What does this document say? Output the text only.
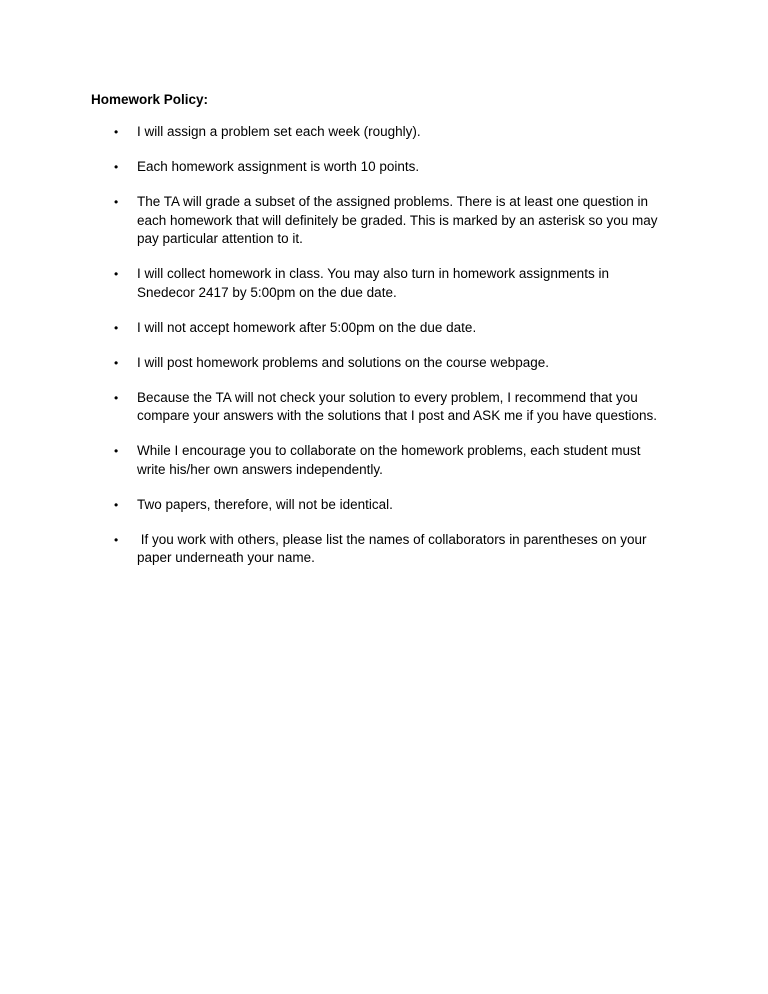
Homework Policy:

• I will assign a problem set each week (roughly).
• Each homework assignment is worth 10 points.
• The TA will grade a subset of the assigned problems. There is at least one question in each homework that will definitely be graded. This is marked by an asterisk so you may pay particular attention to it.
• I will collect homework in class. You may also turn in homework assignments in Snedecor 2417 by 5:00pm on the due date.
• I will not accept homework after 5:00pm on the due date.
• I will post homework problems and solutions on the course webpage.
• Because the TA will not check your solution to every problem, I recommend that you compare your answers with the solutions that I post and ASK me if you have questions.
• While I encourage you to collaborate on the homework problems, each student must write his/her own answers independently.
• Two papers, therefore, will not be identical.
• If you work with others, please list the names of collaborators in parentheses on your paper underneath your name.
